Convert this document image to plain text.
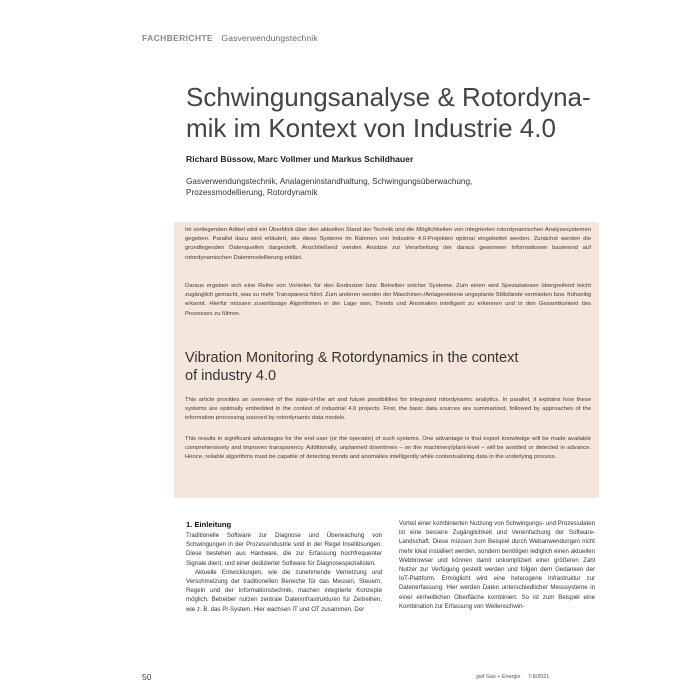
FACHBERICHTE Gasverwendungstechnik
Schwingungsanalyse & Rotordynamik im Kontext von Industrie 4.0
Richard Büssow, Marc Vollmer und Markus Schildhauer
Gasverwendungstechnik, Analageninstandhaltung, Schwingungsüberwachung, Prozessmodellierung, Rotordynamik

Im vorliegenden Artikel wird ein Überblick über den aktuellen Stand der Technik und die Möglichkeiten von integrierten rotordynamischen Analysesystemen gegeben. Parallel dazu wird erläutert, wie diese Systeme im Rahmen von Industrie 4.0-Projekten optimal eingebettet werden. Zunächst werden die grundlegenden Datenquellen dargestellt. Anschließend werden Ansätze zur Verarbeitung der daraus gewonnen Informationen basierend auf rotordynamischen Datenmodellierung erklärt.

Daraus ergeben sich eine Reihe von Vorteilen für den Endnutzer bzw. Betreiber solcher Systeme. Zum einen wird Spezialwissen übergreifend leicht zugänglich gemacht, was zu mehr Transparenz führt. Zum anderen werden der Maschinen-/Anlagenebene ungeplante Stillstände vermieden bzw. frühzeitig erkannt. Hierfür müssen zuverlässige Algorithmen in der Lage sein, Trends und Anomalien intelligent zu erkennen und in den Gesamtkontext des Prozesses zu führen.

Vibration Monitoring & Rotordynamics in the context of industry 4.0

This article provides an overview of the state-of-the art and future possibilities for integrated rotordynamic analytics. In parallel, it explains how these systems are optimally embedded in the context of industrial 4.0 projects. First, the basic data sources are summarized, followed by approaches of the information processing sourced by rotordynamic data models.

This results in significant advantages for the end user (or the operator) of such systems. One advantage is that expert knowledge will be made available comprehensively and improves transparency. Additionally, unplanned downtimes – on the machinery/plant-level – will be avoided or detected in advance. Hence, reliable algorithms must be capable of detecting trends and anomalies intelligently while contextualizing data in the underlying process.

1. Einleitung

Traditionelle Software zur Diagnose und Überwachung von Schwingungen in der Prozessindustrie sind in der Regel Insellösungen. Diese bestehen aus Hardware, die zur Erfassung hochfrequenter Signale dient, und einer dedizierter Software für Diagnosespezialisten.

Aktuelle Entwicklungen, wie die zunehmende Vernetzung und Verschmelzung der traditionellen Bereiche für das Messen, Steuern, Regeln und der Informationstechnik, machen integrierte Konzepte möglich. Betreiber nutzen zentrale Dateninfrastrukturen für Zeitreihen, wie z. B. das PI-System. Hier wachsen IT und OT zusammen. Der

Vorteil einer kombinierten Nutzung von Schwingungs- und Prozessdaten ist eine bessere Zugänglichkeit und Vereinfachung der Software-Landschaft. Diese müssen zum Beispiel durch Webanwendungen nicht mehr lokal installiert werden, sondern benötigen lediglich einen aktuellen Webbrowser und können damit unkompliziert einer größeren Zahl Nutzer zur Verfügung gestellt werden und folgen dem Gedanken der IoT-Plattform. Ermöglicht wird eine heterogene Infrastruktur zur Datenerfassung. Hier werden Daten unterschiedlicher Messsysteme in einer einheitlichen Oberfläche kombiniert. So ist zum Beispiel eine Kombination zur Erfassung von Wellenschwin-

50	gwf Gas + Energie 7-8/2021
